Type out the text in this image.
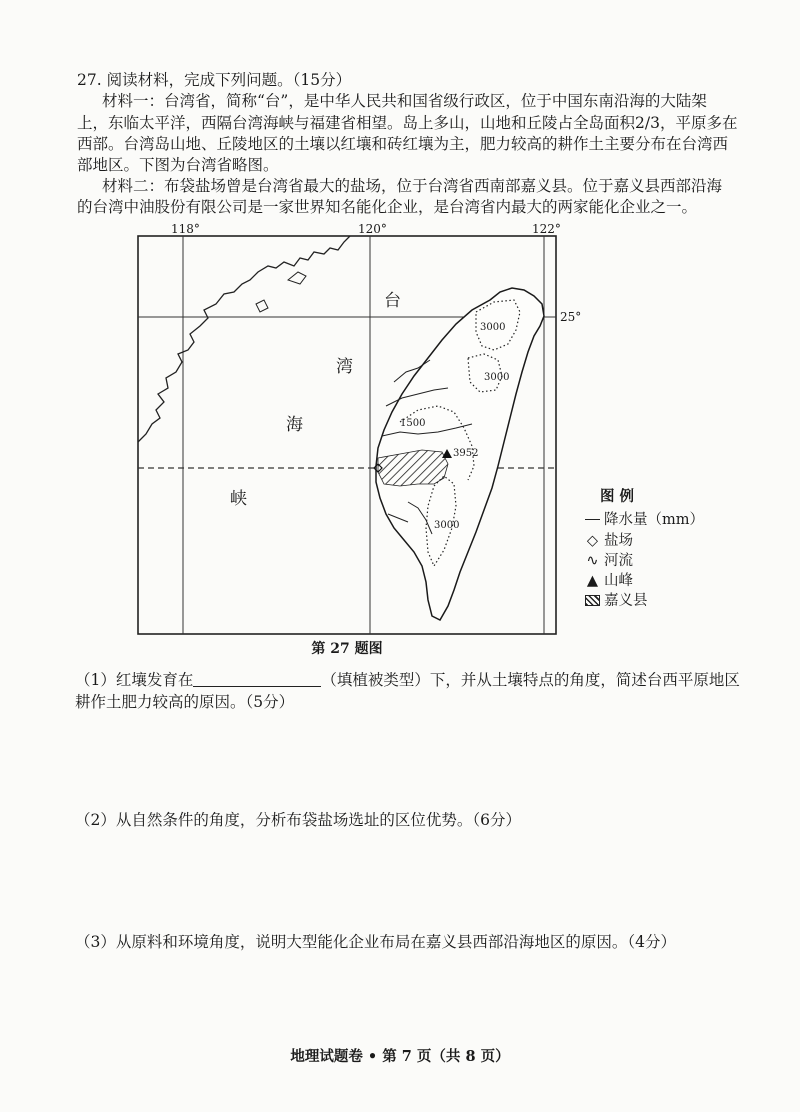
27. 阅读材料，完成下列问题。（15分）
材料一：台湾省，简称“台”，是中华人民共和国省级行政区，位于中国东南沿海的大陆架
上，东临太平洋，西隔台湾海峡与福建省相望。岛上多山，山地和丘陵占全岛面积2/3，平原多在
西部。台湾岛山地、丘陵地区的土壤以红壤和砖红壤为主，肥力较高的耕作土主要分布在台湾西
部地区。下图为台湾省略图。
材料二：布袋盐场曾是台湾省最大的盐场，位于台湾省西南部嘉义县。位于嘉义县西部沿海
的台湾中油股份有限公司是一家世界知名能化企业，是台湾省内最大的两家能化企业之一。
118°	120°	122°
25°
台
湾
海
峡
3000
3000
1500
3000
3952
第 27 题图
图 例
降水量（mm）
◇ 盐场
∿ 河流
▲ 山峰
嘉义县
（1）红壤发育在	（填植被类型）下，并从土壤特点的角度，简述台西平原地区
耕作土肥力较高的原因。（5分）
（2）从自然条件的角度，分析布袋盐场选址的区位优势。（6分）
（3）从原料和环境角度，说明大型能化企业布局在嘉义县西部沿海地区的原因。（4分）
地理试题卷 • 第 7 页（共 8 页）
